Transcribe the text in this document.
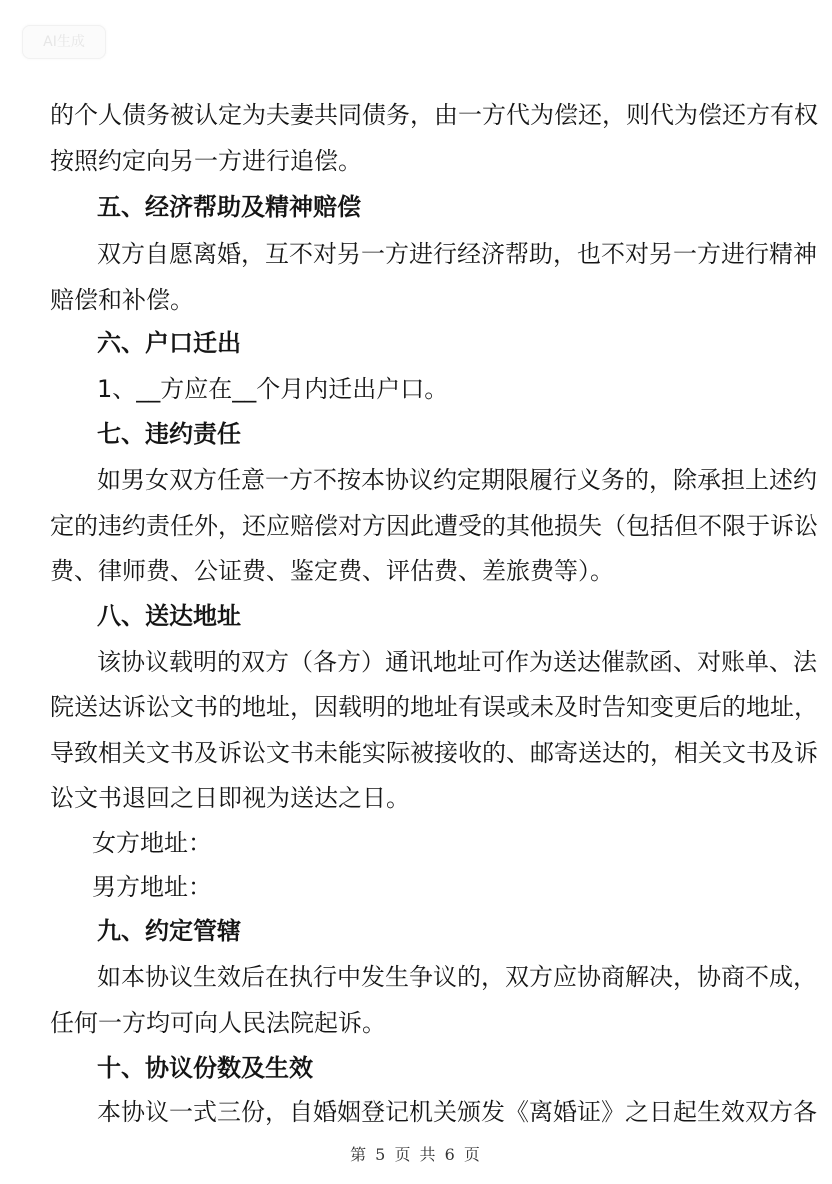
AI生成
的个人债务被认定为夫妻共同债务，由一方代为偿还，则代为偿还方有权
按照约定向另一方进行追偿。
五、经济帮助及精神赔偿
双方自愿离婚，互不对另一方进行经济帮助，也不对另一方进行精神
赔偿和补偿。
六、户口迁出
1、__方应在__个月内迁出户口。
七、违约责任
如男女双方任意一方不按本协议约定期限履行义务的，除承担上述约
定的违约责任外，还应赔偿对方因此遭受的其他损失（包括但不限于诉讼
费、律师费、公证费、鉴定费、评估费、差旅费等）。
八、送达地址
该协议载明的双方（各方）通讯地址可作为送达催款函、对账单、法
院送达诉讼文书的地址，因载明的地址有误或未及时告知变更后的地址，
导致相关文书及诉讼文书未能实际被接收的、邮寄送达的，相关文书及诉
讼文书退回之日即视为送达之日。
女方地址：
男方地址：
九、约定管辖
如本协议生效后在执行中发生争议的，双方应协商解决，协商不成，
任何一方均可向人民法院起诉。
十、协议份数及生效
本协议一式三份，自婚姻登记机关颁发《离婚证》之日起生效双方各
第 5 页 共 6 页
